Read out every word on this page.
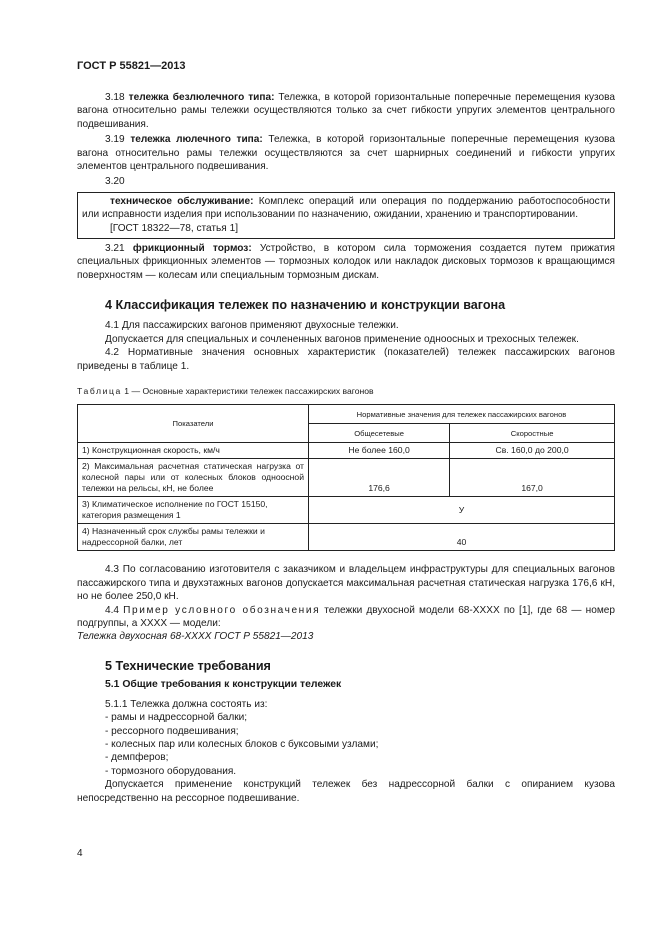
ГОСТ Р 55821—2013

3.18 тележка безлюлечного типа: Тележка, в которой горизонтальные поперечные перемещения кузова вагона относительно рамы тележки осуществляются только за счет гибкости упругих элементов центрального подвешивания.

3.19 тележка люлечного типа: Тележка, в которой горизонтальные поперечные перемещения кузова вагона относительно рамы тележки осуществляются за счет шарнирных соединений и гибкости упругих элементов центрального подвешивания.

3.20

техническое обслуживание: Комплекс операций или операция по поддержанию работоспособности или исправности изделия при использовании по назначению, ожидании, хранению и транспортировании.

[ГОСТ 18322—78, статья 1]

3.21 фрикционный тормоз: Устройство, в котором сила торможения создается путем прижатия специальных фрикционных элементов — тормозных колодок или накладок дисковых тормозов к вращающимся поверхностям — колесам или специальным тормозным дискам.

4 Классификация тележек по назначению и конструкции вагона

4.1 Для пассажирских вагонов применяют двухосные тележки.

Допускается для специальных и сочлененных вагонов применение одноосных и трехосных тележек.

4.2 Нормативные значения основных характеристик (показателей) тележек пассажирских вагонов приведены в таблице 1.

Таблица 1 — Основные характеристики тележек пассажирских вагонов

Показатели	Нормативные значения для тележек пассажирских вагонов	
	Общесетевые	Скоростные
1) Конструкционная скорость, км/ч	Не более 160,0	Св. 160,0 до 200,0
2) Максимальная расчетная статическая нагрузка от колесной пары или от колесных блоков одноосной тележки на рельсы, кН, не более	176,6	167,0
3) Климатическое исполнение по ГОСТ 15150, категория размещения 1	У	
4) Назначенный срок службы рамы тележки и надрессорной балки, лет	40	

4.3 По согласованию изготовителя с заказчиком и владельцем инфраструктуры для специальных вагонов пассажирского типа и двухэтажных вагонов допускается максимальная расчетная статическая нагрузка 176,6 кН, но не более 250,0 кН.

4.4 Пример условного обозначения тележки двухосной модели 68-XXXX по [1], где 68 — номер подгруппы, а XXXX — модели:

Тележка двухосная 68-XXXX ГОСТ Р 55821—2013

5 Технические требования
5.1 Общие требования к конструкции тележек

5.1.1 Тележка должна состоять из:

- рамы и надрессорной балки;

- рессорного подвешивания;

- колесных пар или колесных блоков с буксовыми узлами;

- демпферов;

- тормозного оборудования.

Допускается применение конструкций тележек без надрессорной балки с опиранием кузова непосредственно на рессорное подвешивание.

4
